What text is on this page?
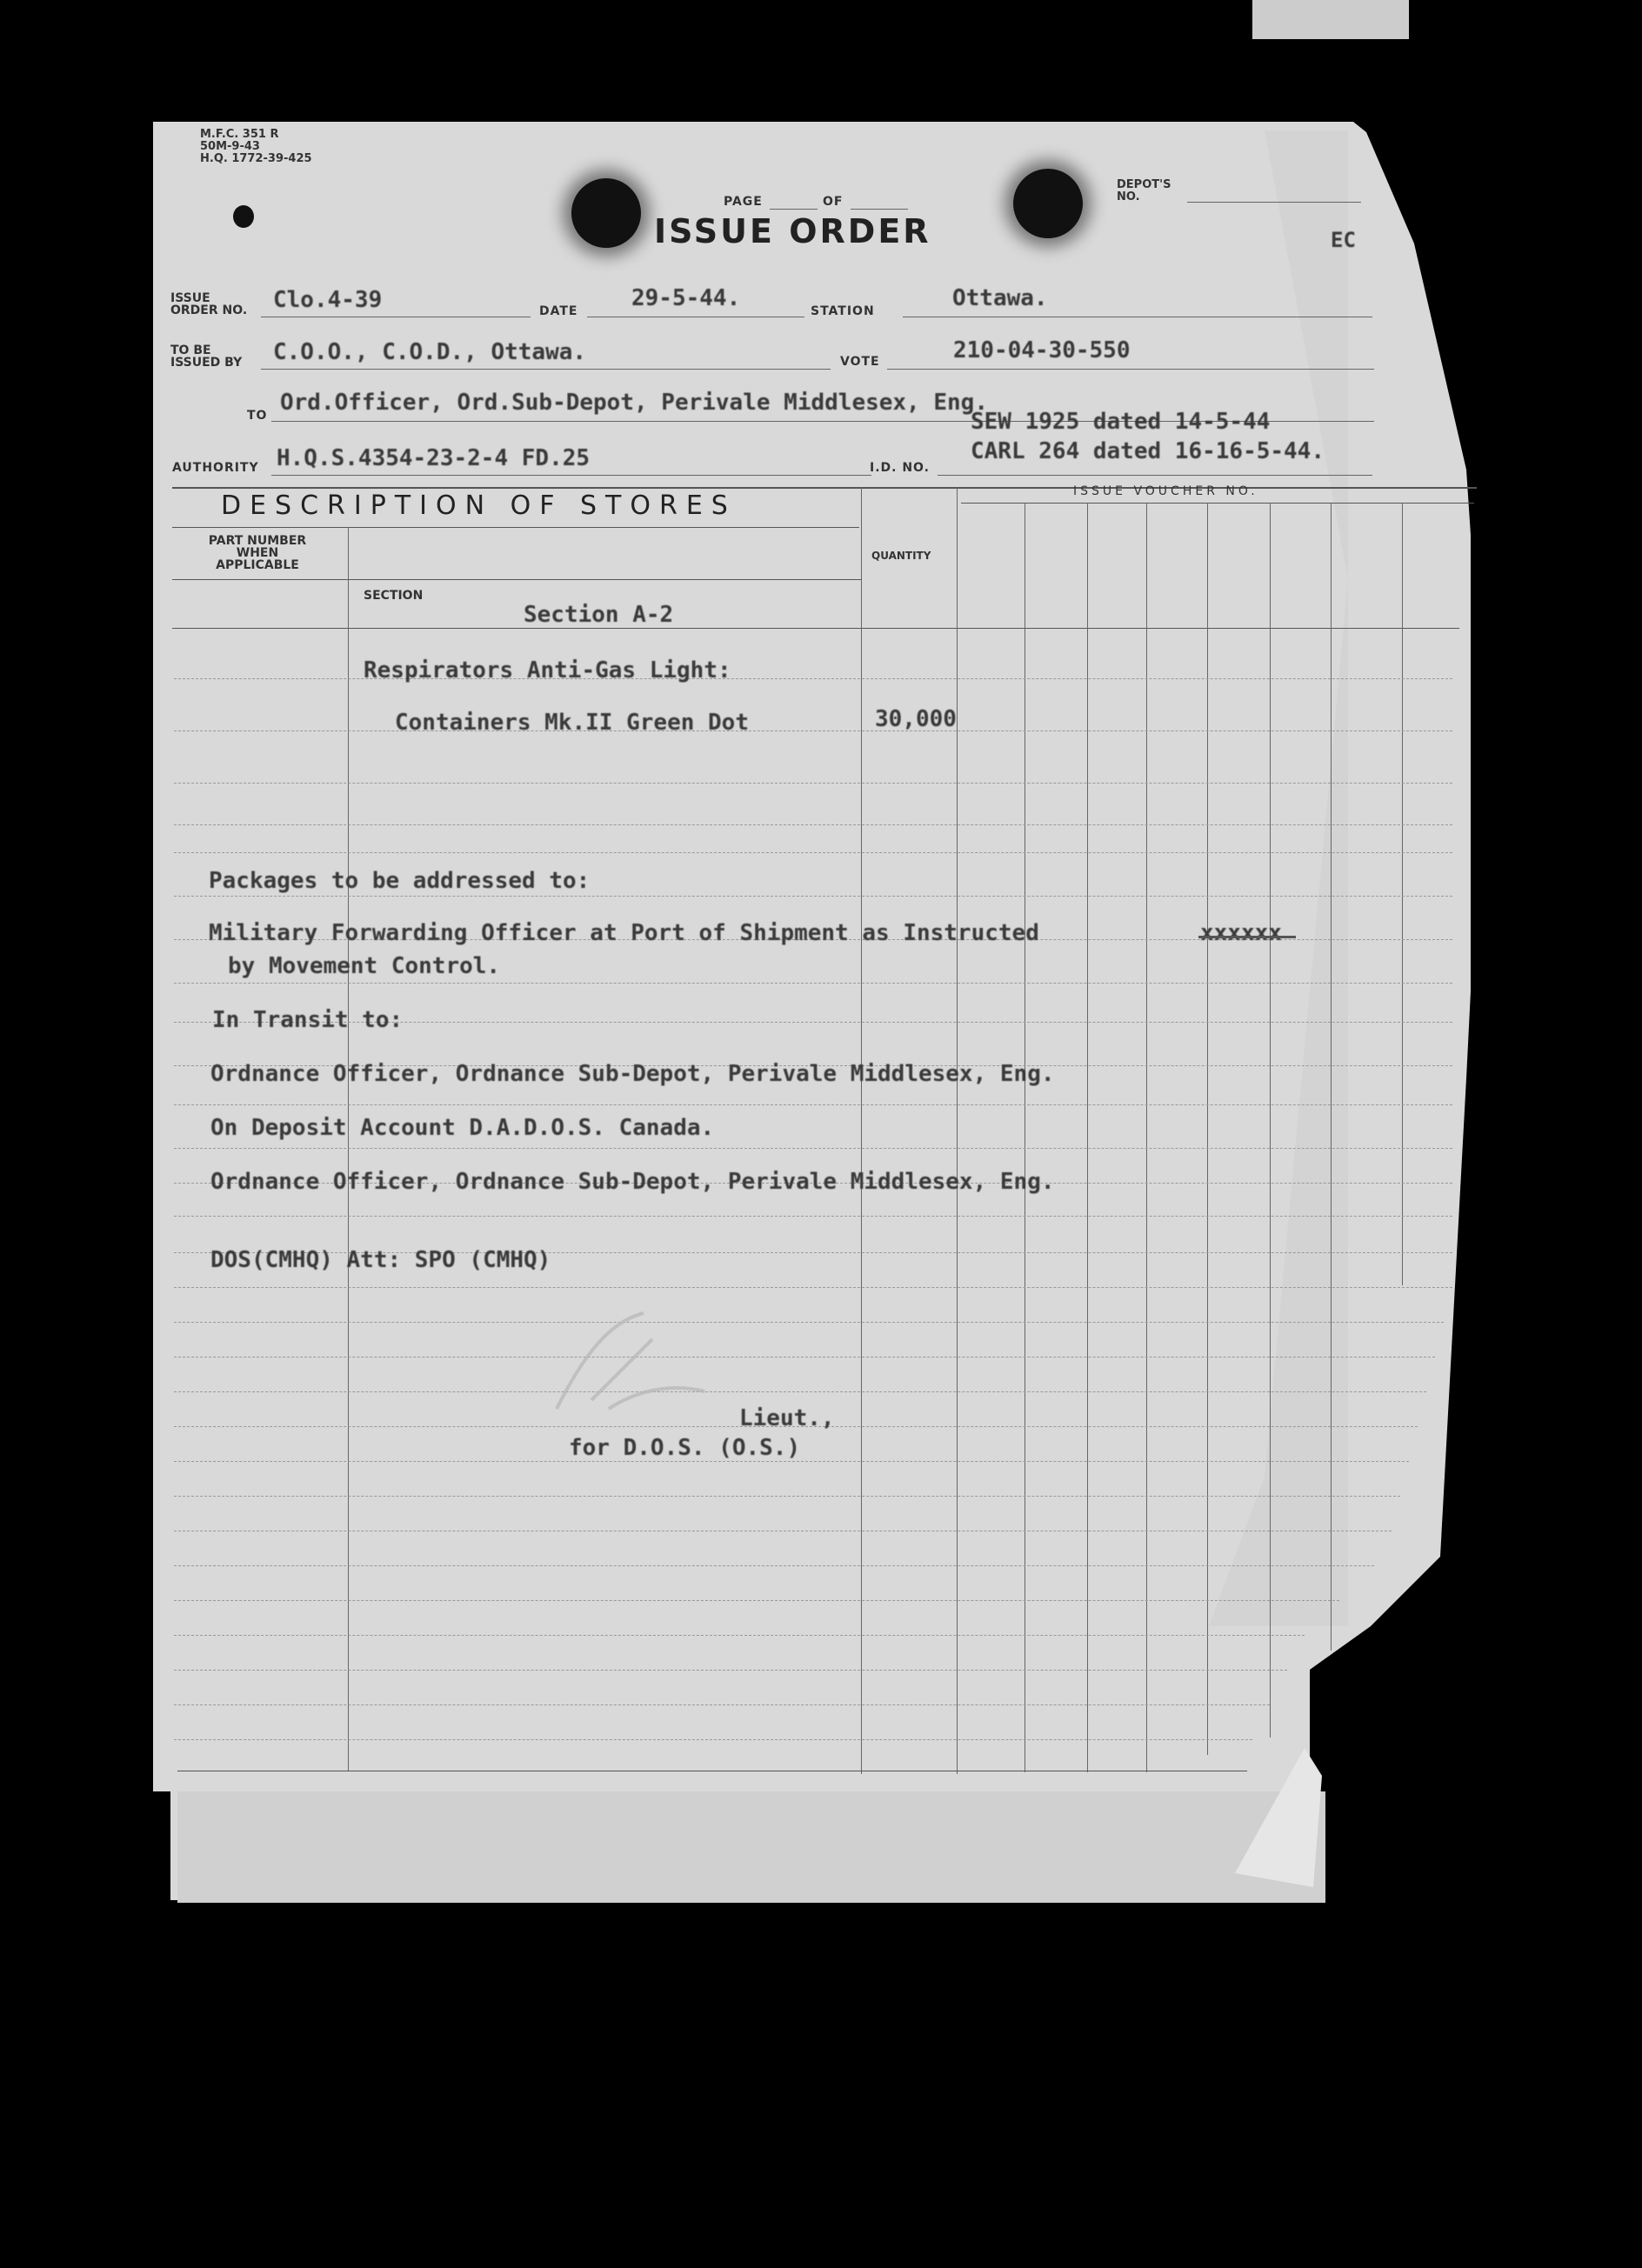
M.F.C. 351 R
50M-9-43
H.Q. 1772-39-425
PAGE	OF
ISSUE ORDER
DEPOT'S
NO.
EC
ISSUE
ORDER NO. Clo.4-39	DATE 29-5-44.	STATION	Ottawa.
TO BE
ISSUED BY C.O.O., C.O.D., Ottawa.	VOTE	210-04-30-550
TO Ord.Officer, Ord.Sub-Depot, Perivale Middlesex, Eng.
AUTHORITY H.Q.S.4354-23-2-4 FD.25	I.D. NO.
SEW 1925 dated 14-5-44
CARL 264 dated 16-16-5-44.
DESCRIPTION OF STORES	ISSUE VOUCHER NO.
PART NUMBER
WHEN
APPLICABLE
SECTION
QUANTITY
Section A-2
Respirators Anti-Gas Light:
Containers Mk.II Green Dot	30,000
Packages to be addressed to:
Military Forwarding Officer at Port of Shipment as Instructed	xxxxxx
by Movement Control.
In Transit to:
Ordnance Officer, Ordnance Sub-Depot, Perivale Middlesex, Eng.
On Deposit Account D.A.D.O.S. Canada.
Ordnance Officer, Ordnance Sub-Depot, Perivale Middlesex, Eng.
DOS(CMHQ) Att: SPO (CMHQ)
Lieut.,
for D.O.S. (O.S.)
